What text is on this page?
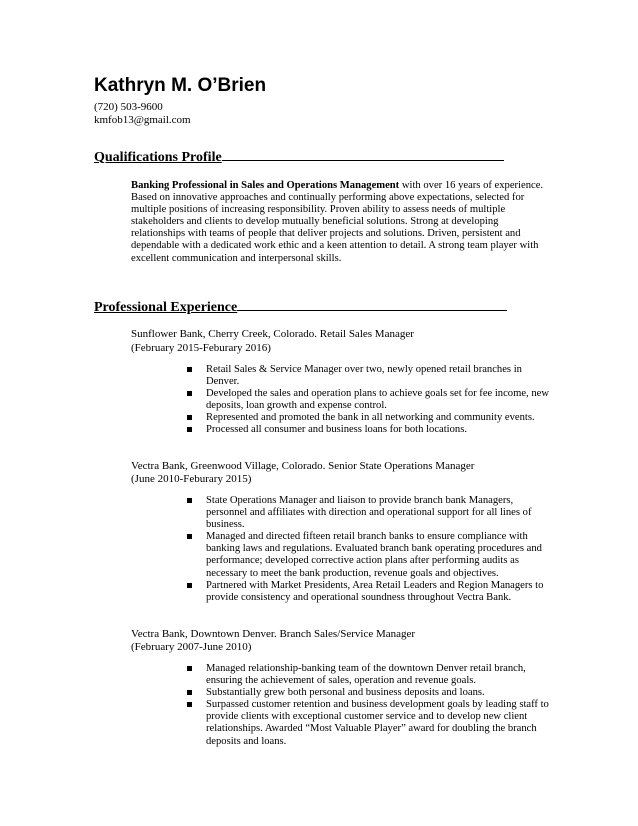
Kathryn M. O’Brien

(720) 503-9600

kmfob13@gmail.com

Qualifications Profile

Banking Professional in Sales and Operations Management with over 16 years of experience.
Based on innovative approaches and continually performing above expectations, selected for
multiple positions of increasing responsibility. Proven ability to assess needs of multiple
stakeholders and clients to develop mutually beneficial solutions. Strong at developing
relationships with teams of people that deliver projects and solutions. Driven, persistent and
dependable with a dedicated work ethic and a keen attention to detail. A strong team player with
excellent communication and interpersonal skills.

Professional Experience

Sunflower Bank, Cherry Creek, Colorado. Retail Sales Manager

(February 2015-Feburary 2016)

Retail Sales & Service Manager over two, newly opened retail branches in
Denver.
Developed the sales and operation plans to achieve goals set for fee income, new
deposits, loan growth and expense control.
Represented and promoted the bank in all networking and community events.
Processed all consumer and business loans for both locations.

Vectra Bank, Greenwood Village, Colorado. Senior State Operations Manager

(June 2010-Feburary 2015)

State Operations Manager and liaison to provide branch bank Managers,
personnel and affiliates with direction and operational support for all lines of
business.
Managed and directed fifteen retail branch banks to ensure compliance with
banking laws and regulations. Evaluated branch bank operating procedures and
performance; developed corrective action plans after performing audits as
necessary to meet the bank production, revenue goals and objectives.
Partnered with Market Presidents, Area Retail Leaders and Region Managers to
provide consistency and operational soundness throughout Vectra Bank.

Vectra Bank, Downtown Denver. Branch Sales/Service Manager

(February 2007-June 2010)

Managed relationship-banking team of the downtown Denver retail branch,
ensuring the achievement of sales, operation and revenue goals.
Substantially grew both personal and business deposits and loans.
Surpassed customer retention and business development goals by leading staff to
provide clients with exceptional customer service and to develop new client
relationships. Awarded “Most Valuable Player” award for doubling the branch
deposits and loans.
